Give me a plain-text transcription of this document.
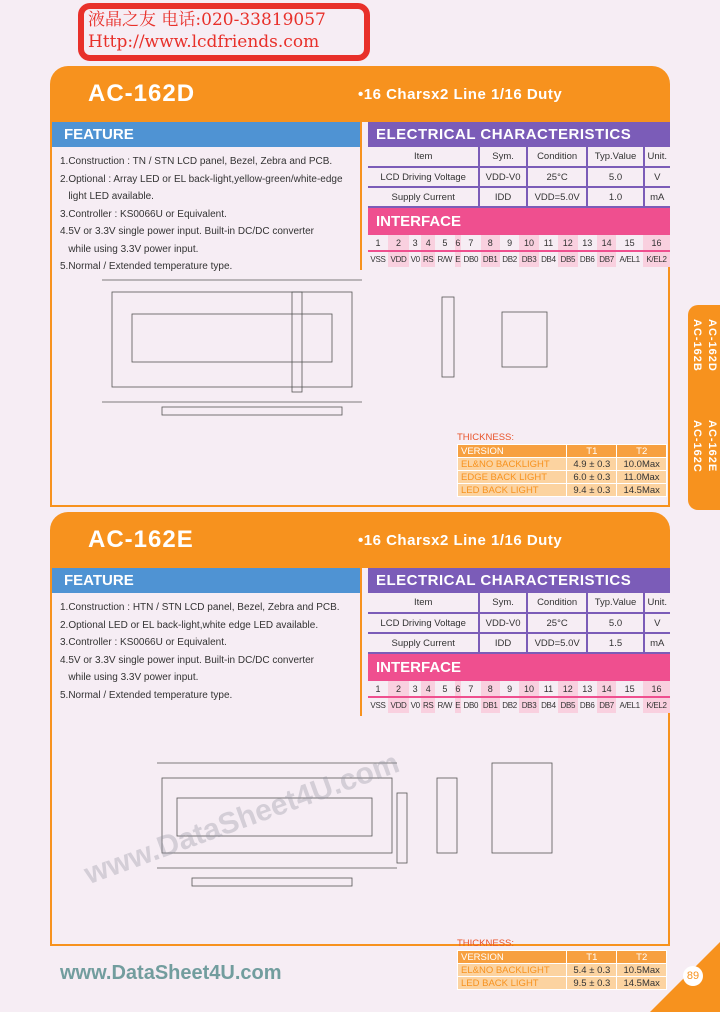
AC-162D	•16 Charsx2 Line 1/16 Duty
FEATURE
1.Construction : TN / STN LCD panel, Bezel, Zebra and PCB.
2.Optional : Array LED or EL back-light,yellow-green/white-edge
light LED available.
3.Controller : KS0066U or Equivalent.
4.5V or 3.3V single power input. Built-in DC/DC converter
while using 3.3V power input.
5.Normal / Extended temperature type.
ELECTRICAL CHARACTERISTICS
Item	Sym.	Condition	Typ.Value	Unit.
LCD Driving Voltage	VDD-V0	25°C	5.0	V
Supply Current	IDD	VDD=5.0V	1.0	mA
INTERFACE
1	2	3	4	5	6	7	8	9	10	11	12	13	14	15	16
VSS	VDD	V0	RS	R/W	E	DB0	DB1	DB2	DB3	DB4	DB5	DB6	DB7	A/EL1	K/EL2
THICKNESS:
VERSION	T1	T2
EL&NO BACKLIGHT	4.9 ± 0.3	10.0Max
EDGE BACK LIGHT	6.0 ± 0.3	11.0Max
LED BACK LIGHT	9.4 ± 0.3	14.5Max
AC-162E	•16 Charsx2 Line 1/16 Duty
FEATURE
1.Construction : HTN / STN LCD panel, Bezel, Zebra and PCB.
2.Optional LED or EL back-light,white edge LED available.
3.Controller : KS0066U or Equivalent.
4.5V or 3.3V single power input. Built-in DC/DC converter
while using 3.3V power input.
5.Normal / Extended temperature type.
ELECTRICAL CHARACTERISTICS
Item	Sym.	Condition	Typ.Value	Unit.
LCD Driving Voltage	VDD-V0	25°C	5.0	V
Supply Current	IDD	VDD=5.0V	1.5	mA
INTERFACE
1	2	3	4	5	6	7	8	9	10	11	12	13	14	15	16
VSS	VDD	V0	RS	R/W	E	DB0	DB1	DB2	DB3	DB4	DB5	DB6	DB7	A/EL1	K/EL2
THICKNESS:
VERSION	T1	T2
EL&NO BACKLIGHT	5.4 ± 0.3	10.5Max
LED BACK LIGHT	9.5 ± 0.3	14.5Max
www.DataSheet4U.com
www.DataSheet4U.com
AC-162D
AC-162B
AC-162E
AC-162C
89
液晶之友 电话:020-33819057
Http://www.lcdfriends.com
